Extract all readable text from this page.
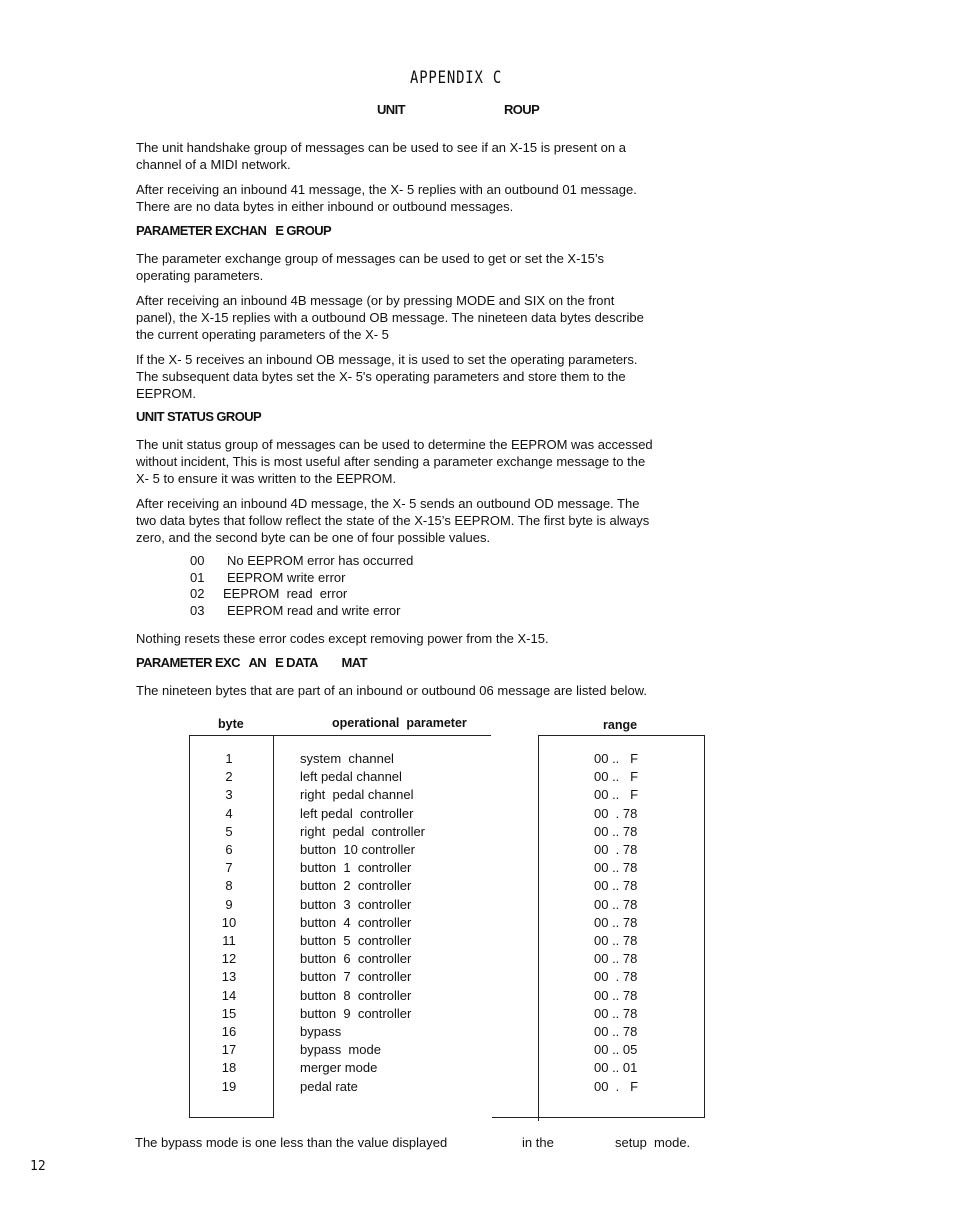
APPENDIX C
UNIT	ROUP

The unit handshake group of messages can be used to see if an X-15 is present on a

channel of a MIDI network.

After receiving an inbound 41 message, the X- 5 replies with an outbound 01 message.

There are no data bytes in either inbound or outbound messages.

PARAMETER EXCHAN   E GROUP

The parameter exchange group of messages can be used to get or set the X-15’s

operating parameters.

After receiving an inbound 4B message (or by pressing MODE and SIX on the front

panel), the X-15 replies with a outbound OB message. The nineteen data bytes describe

the current operating parameters of the X- 5

If the X- 5 receives an inbound OB message, it is used to set the operating parameters.

The subsequent data bytes set the X- 5's operating parameters and store them to the

EEPROM.

UNIT STATUS GROUP

The unit status group of messages can be used to determine the EEPROM was accessed

without incident, This is most useful after sending a parameter exchange message to the

X- 5 to ensure it was written to the EEPROM.

After receiving an inbound 4D message, the X- 5 sends an outbound OD message. The

two data bytes that follow reflect the state of the X-15’s EEPROM. The first byte is always

zero, and the second byte can be one of four possible values.

00 No EEPROM error has occurred
01 EEPROM write error
02 EEPROM  read  error
03 EEPROM read and write error

Nothing resets these error codes except removing power from the X-15.

PARAMETER EXC   AN   E DATA        MAT

The nineteen bytes that are part of an inbound or outbound 06 message are listed below.

byte	operational  parameter	range
1	system  channel	00 ..   F
2	left pedal channel	00 ..   F
3	right  pedal channel	00 ..   F
4	left pedal  controller	00  . 78
5	right  pedal  controller	00 .. 78
6	button  10 controller	00  . 78
7	button  1  controller	00 .. 78
8	button  2  controller	00 .. 78
9	button  3  controller	00 .. 78
10	button  4  controller	00 .. 78
11	button  5  controller	00 .. 78
12	button  6  controller	00 .. 78
13	button  7  controller	00  . 78
14	button  8  controller	00 .. 78
15	button  9  controller	00 .. 78
16	bypass	00 .. 78
17	bypass  mode	00 .. 05
18	merger mode	00 .. 01
19	pedal rate	00  .   F

The bypass mode is one less than the value displayed	in the	setup  mode.

12
